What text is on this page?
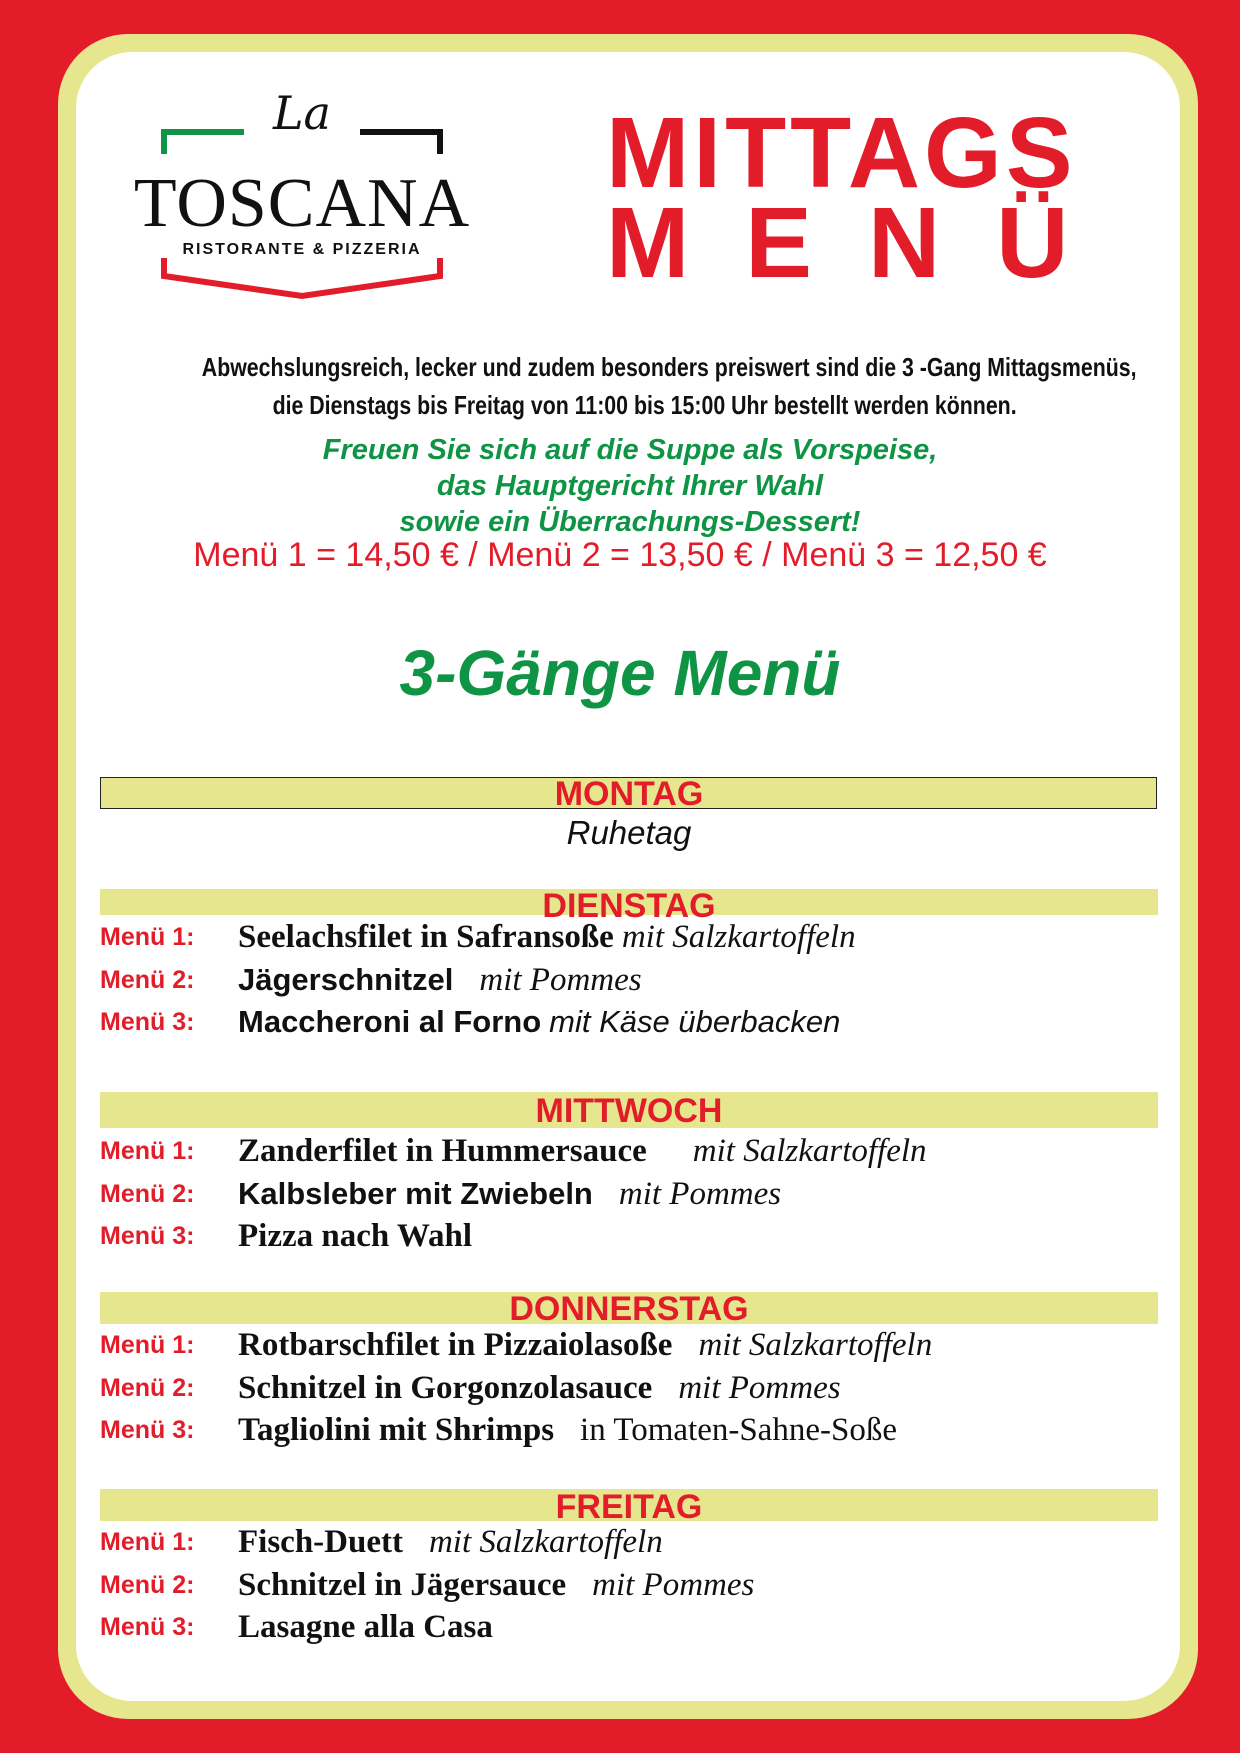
La
TOSCANA
RISTORANTE & PIZZERIA
MITTAGS
MENÜ
Abwechslungsreich, lecker und zudem besonders preiswert sind die 3 -Gang Mittagsmenüs,
die Dienstags bis Freitag von 11:00 bis 15:00 Uhr bestellt werden können.
Freuen Sie sich auf die Suppe als Vorspeise,
das Hauptgericht Ihrer Wahl
sowie ein Überrachungs-Dessert!
Menü 1 = 14,50 € / Menü 2 = 13,50 € / Menü 3 = 12,50 €
3-Gänge Menü
MONTAG
Ruhetag
DIENSTAG
Menü 1: Seelachsfilet in Safransoße mit Salzkartoffeln
Menü 2: Jägerschnitzel mit Pommes
Menü 3: Maccheroni al Forno mit Käse überbacken
MITTWOCH
Menü 1: Zanderfilet in Hummersauce mit Salzkartoffeln
Menü 2: Kalbsleber mit Zwiebeln mit Pommes
Menü 3: Pizza nach Wahl
DONNERSTAG
Menü 1: Rotbarschfilet in Pizzaiolasoße mit Salzkartoffeln
Menü 2: Schnitzel in Gorgonzolasauce mit Pommes
Menü 3: Tagliolini mit Shrimps in Tomaten-Sahne-Soße
FREITAG
Menü 1: Fisch-Duett mit Salzkartoffeln
Menü 2: Schnitzel in Jägersauce mit Pommes
Menü 3: Lasagne alla Casa
